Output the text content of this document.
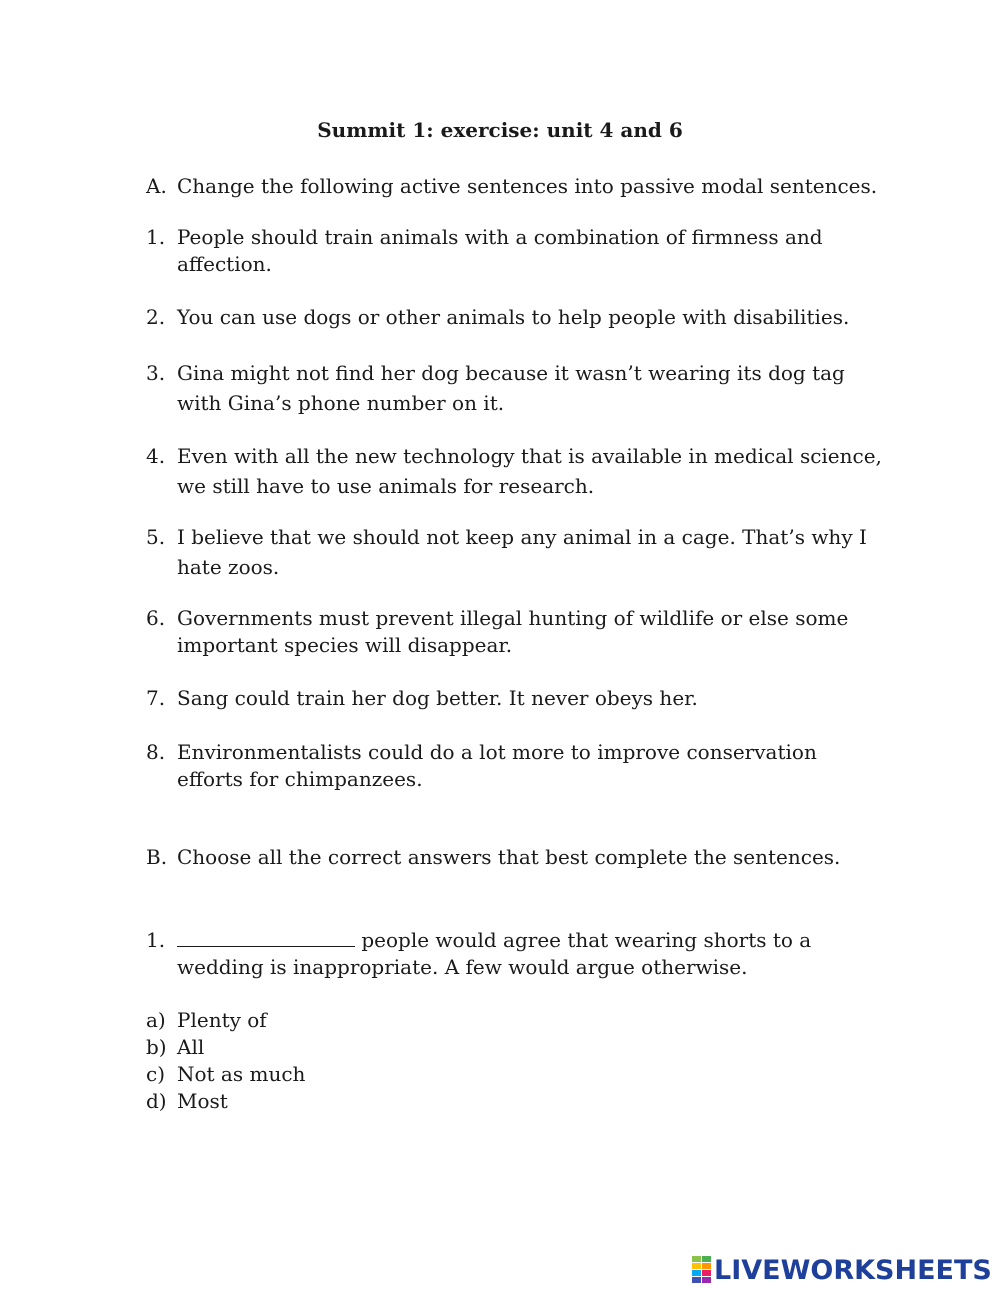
Summit 1: exercise: unit 4 and 6
A. Change the following active sentences into passive modal sentences.
1. People should train animals with a combination of firmness and affection.
2. You can use dogs or other animals to help people with disabilities.
3. Gina might not find her dog because it wasn’t wearing its dog tag with Gina’s phone number on it.
4. Even with all the new technology that is available in medical science, we still have to use animals for research.
5. I believe that we should not keep any animal in a cage. That’s why I hate zoos.
6. Governments must prevent illegal hunting of wildlife or else some important species will disappear.
7. Sang could train her dog better. It never obeys her.
8. Environmentalists could do a lot more to improve conservation efforts for chimpanzees.
B. Choose all the correct answers that best complete the sentences.
1.	people would agree that wearing shorts to a wedding is inappropriate. A few would argue otherwise.
a) Plenty of
b) All
c) Not as much
d) Most
LIVEWORKSHEETS
